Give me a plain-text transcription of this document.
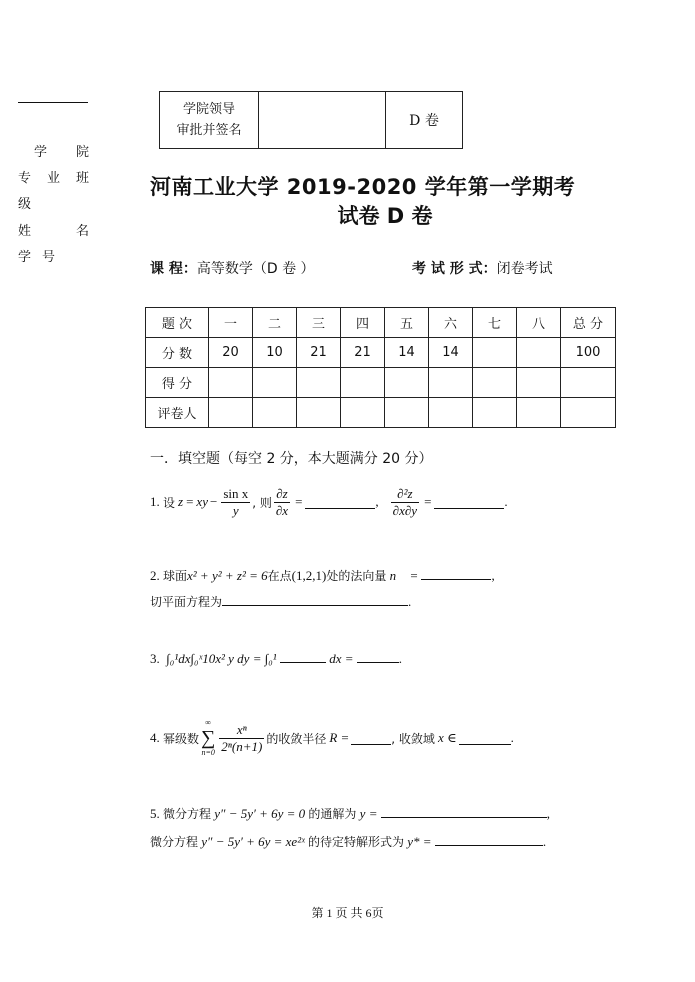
学 院
专 业 班
级
姓	名
学 号
学院领导
审批并签名		D 卷
河南工业大学 2019-2020 学年第一学期考
试卷 D 卷
课 程：高等数学（D 卷 ）	考 试 形 式：闭卷考试
题 次	一	二	三	四	五	六	七	八	总 分
分 数	20	10	21	21	14	14			100
得 分									
评卷人									
一．填空题（每空 2 分，本大题满分 20 分）
1.
设 z = xy − $\frac{\text{sin x}}{y}$ , 则 $\frac{\partial z}{\partial x}$ =	, $\frac{\text{∂²z}}{\partial x\partial y}$ =	.
2. 球面x² + y² + z² = 6在点(1,2,1)处的法向量 n⃗ =	,
切平面方程为	.
3. ∫₀¹dx∫₀ˣ10x² y dy = ∫₀¹	dx =	.
4.
幂级数
∞
∑
$n=0 \frac{\text{xⁿ}}{\text{2ⁿ(n+1)}}$ 的收敛半径 R =	, 收敛域 x ∈	.
5. 微分方程 y″ − 5y′ + 6y = 0 的通解为 y =	,
微分方程 y″ − 5y′ + 6y = xe²ˣ 的待定特解形式为 y* =	.
第 1 页 共 6页
